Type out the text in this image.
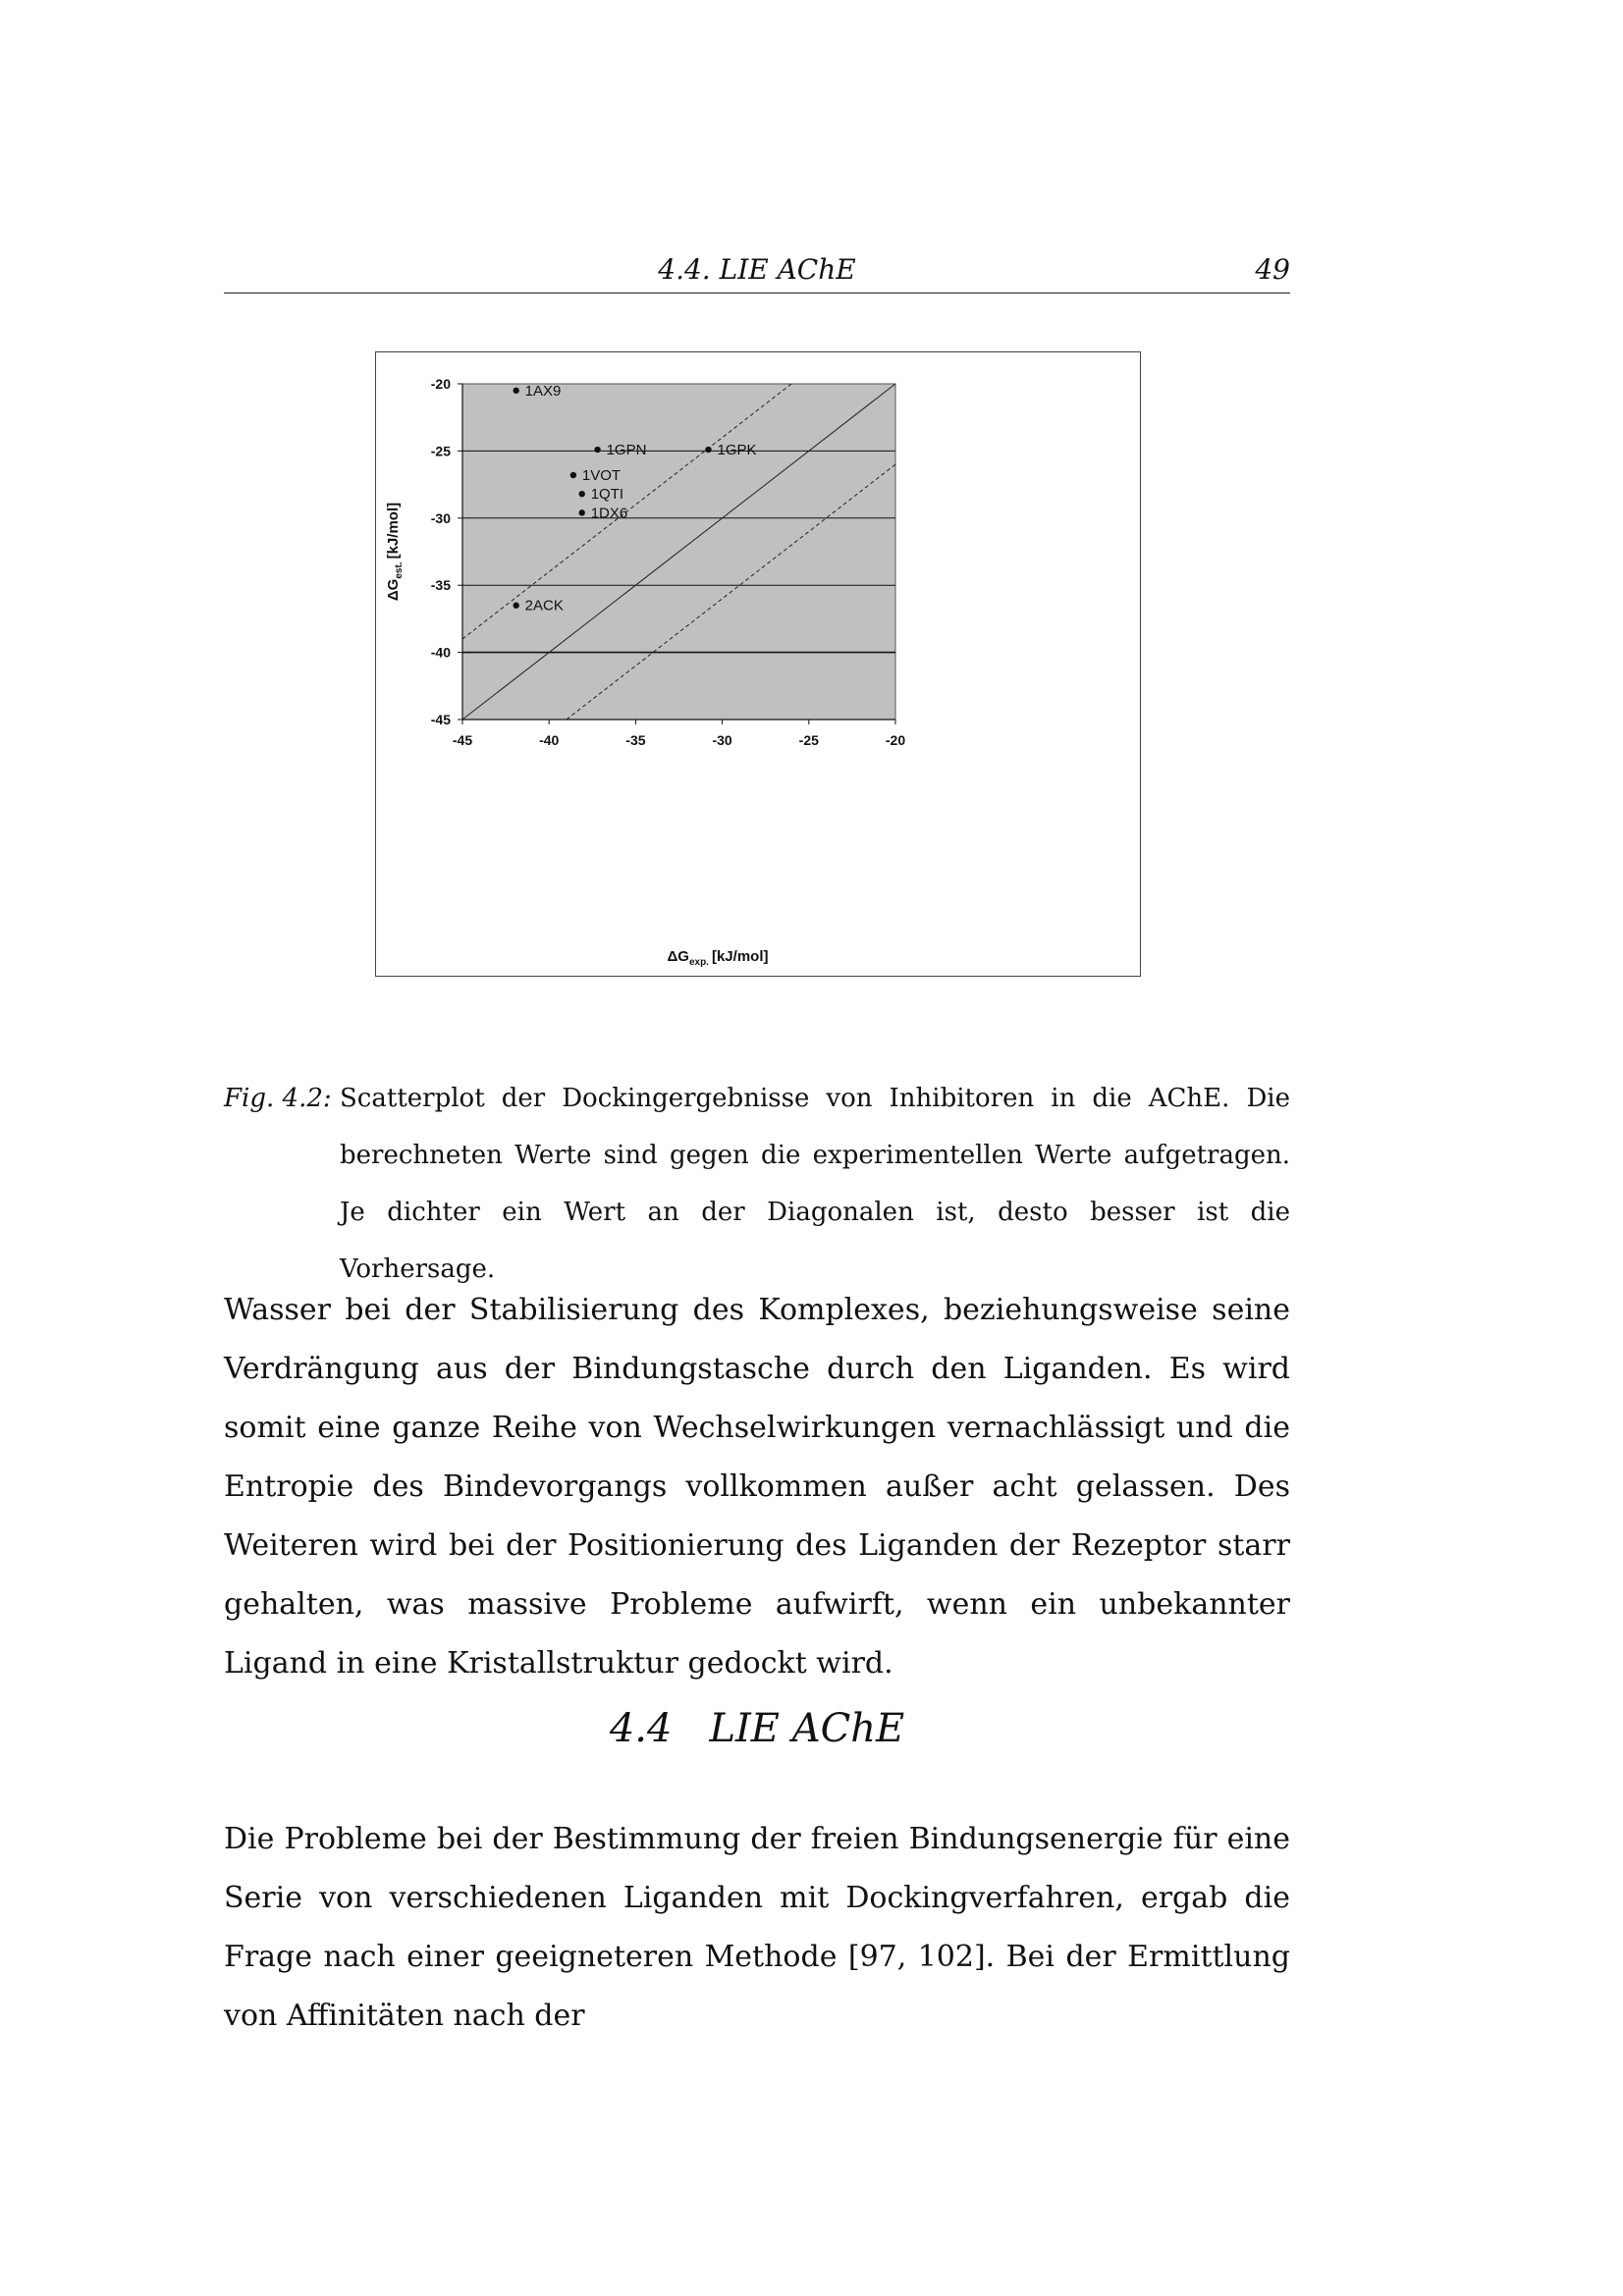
4.4. LIE AChE	49
-45
-40
-35
-30
-25
-20
-45	-40	-35	-30	-25	-20
1AX9
1GPN	1GPK
1VOT
1QTI
1DX6
2ACK
$\Delta G_{exp.}$ [kJ/mol]
$\Delta G_{est.}[kJ/mol]$
Fig. 4.2: Scatterplot der Dockingergebnisse von Inhibitoren in die AChE. Die berechneten Werte sind gegen die experimentellen Werte aufgetragen. Je dichter ein Wert an der Diagonalen ist, desto besser ist die Vorhersage.

Wasser bei der Stabilisierung des Komplexes, beziehungsweise seine Verdrängung aus der Bindungstasche durch den Liganden. Es wird somit eine ganze Reihe von Wechselwirkungen vernachlässigt und die Entropie des Bindevorgangs vollkommen außer acht gelassen. Des Weiteren wird bei der Positionierung des Liganden der Rezeptor starr gehalten, was massive Probleme aufwirft, wenn ein unbekannter Ligand in eine Kristallstruktur gedockt wird.

4.4 LIE AChE

Die Probleme bei der Bestimmung der freien Bindungsenergie für eine Serie von verschiedenen Liganden mit Dockingverfahren, ergab die Frage nach einer geeigneteren Methode [97, 102]. Bei der Ermittlung von Affinitäten nach der
